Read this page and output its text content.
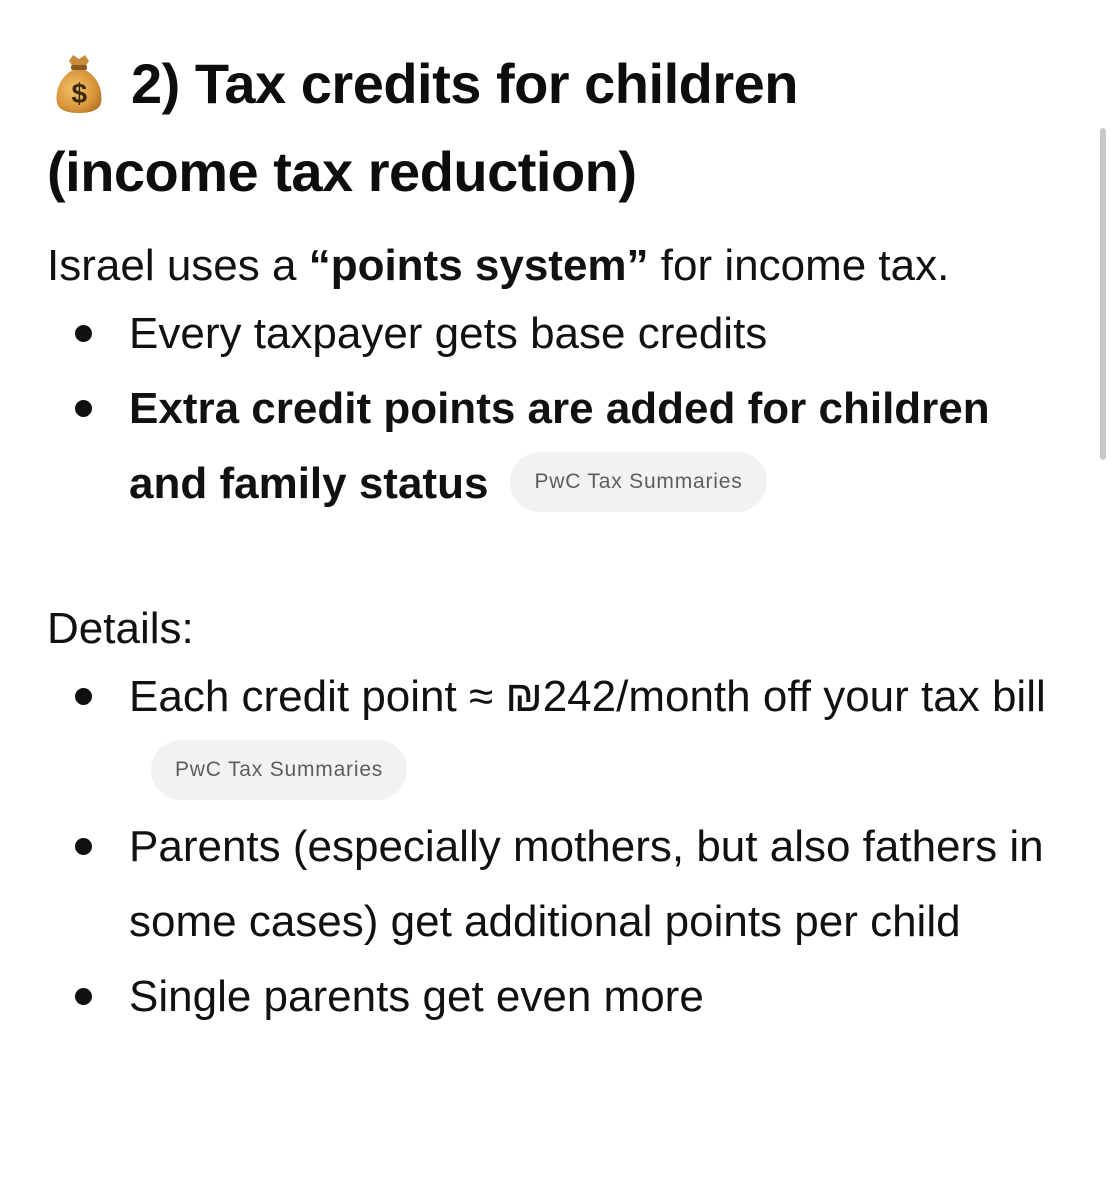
$ 2) Tax credits for children
(income tax reduction)

Israel uses a “points system” for income tax.

Every taxpayer gets base credits
Extra credit points are added for children and family status PwC Tax Summaries

Details:

Each credit point ≈ ₪242/month off your tax billPwC Tax Summaries
Parents (especially mothers, but also fathers in some cases) get additional points per child
Single parents get even more
